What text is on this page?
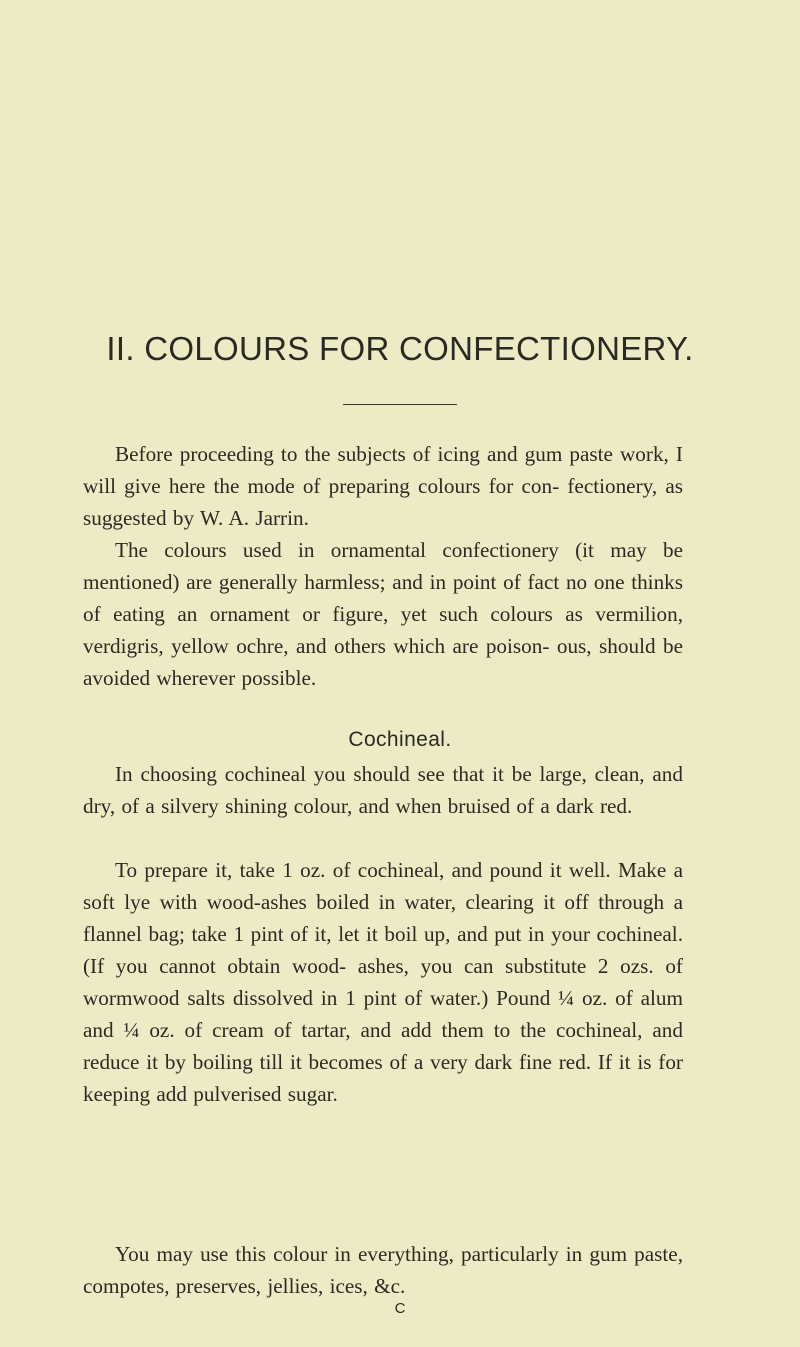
II. COLOURS FOR CONFECTIONERY.

Before proceeding to the subjects of icing and gum paste work, I will give here the mode of preparing colours for con- fectionery, as suggested by W. A. Jarrin.

The colours used in ornamental confectionery (it may be mentioned) are generally harmless; and in point of fact no one thinks of eating an ornament or figure, yet such colours as vermilion, verdigris, yellow ochre, and others which are poison- ous, should be avoided wherever possible.

Cochineal.

In choosing cochineal you should see that it be large, clean, and dry, of a silvery shining colour, and when bruised of a dark red.

To prepare it, take 1 oz. of cochineal, and pound it well. Make a soft lye with wood-ashes boiled in water, clearing it off through a flannel bag; take 1 pint of it, let it boil up, and put in your cochineal. (If you cannot obtain wood- ashes, you can substitute 2 ozs. of wormwood salts dissolved in 1 pint of water.) Pound ¼ oz. of alum and ¼ oz. of cream of tartar, and add them to the cochineal, and reduce it by boiling till it becomes of a very dark fine red. If it is for keeping add pulverised sugar.

You may use this colour in everything, particularly in gum paste, compotes, preserves, jellies, ices, &c.

C
